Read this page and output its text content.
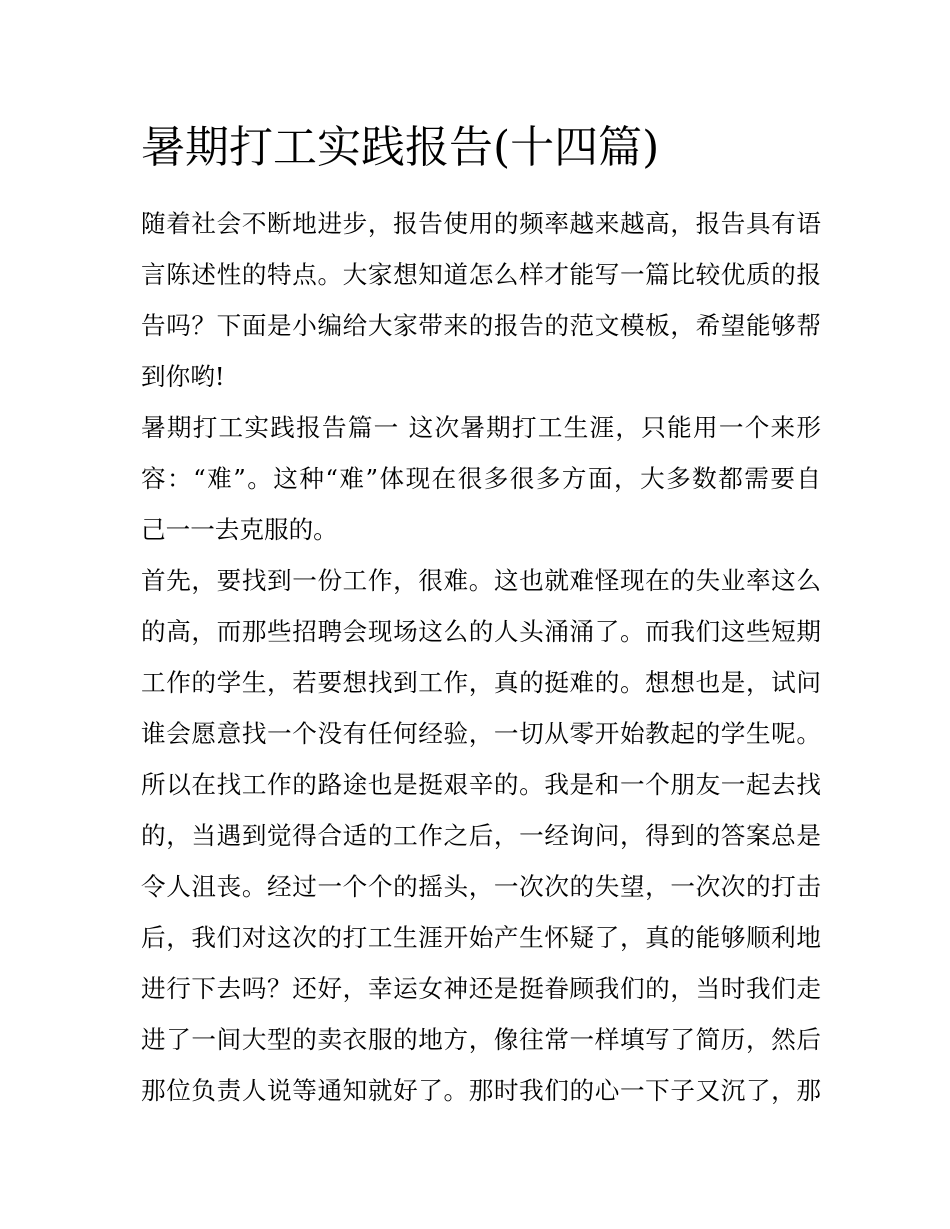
暑期打工实践报告(十四篇)
随着社会不断地进步，报告使用的频率越来越高，报告具有语
言陈述性的特点。大家想知道怎么样才能写一篇比较优质的报
告吗？下面是小编给大家带来的报告的范文模板，希望能够帮
到你哟!
暑期打工实践报告篇一 这次暑期打工生涯，只能用一个来形
容：“难”。这种“难”体现在很多很多方面，大多数都需要自
己一一去克服的。
首先，要找到一份工作，很难。这也就难怪现在的失业率这么
的高，而那些招聘会现场这么的人头涌涌了。而我们这些短期
工作的学生，若要想找到工作，真的挺难的。想想也是，试问
谁会愿意找一个没有任何经验，一切从零开始教起的学生呢。
所以在找工作的路途也是挺艰辛的。我是和一个朋友一起去找
的，当遇到觉得合适的工作之后，一经询问，得到的答案总是
令人沮丧。经过一个个的摇头，一次次的失望，一次次的打击
后，我们对这次的打工生涯开始产生怀疑了，真的能够顺利地
进行下去吗？还好，幸运女神还是挺眷顾我们的，当时我们走
进了一间大型的卖衣服的地方，像往常一样填写了简历，然后
那位负责人说等通知就好了。那时我们的心一下子又沉了，那
